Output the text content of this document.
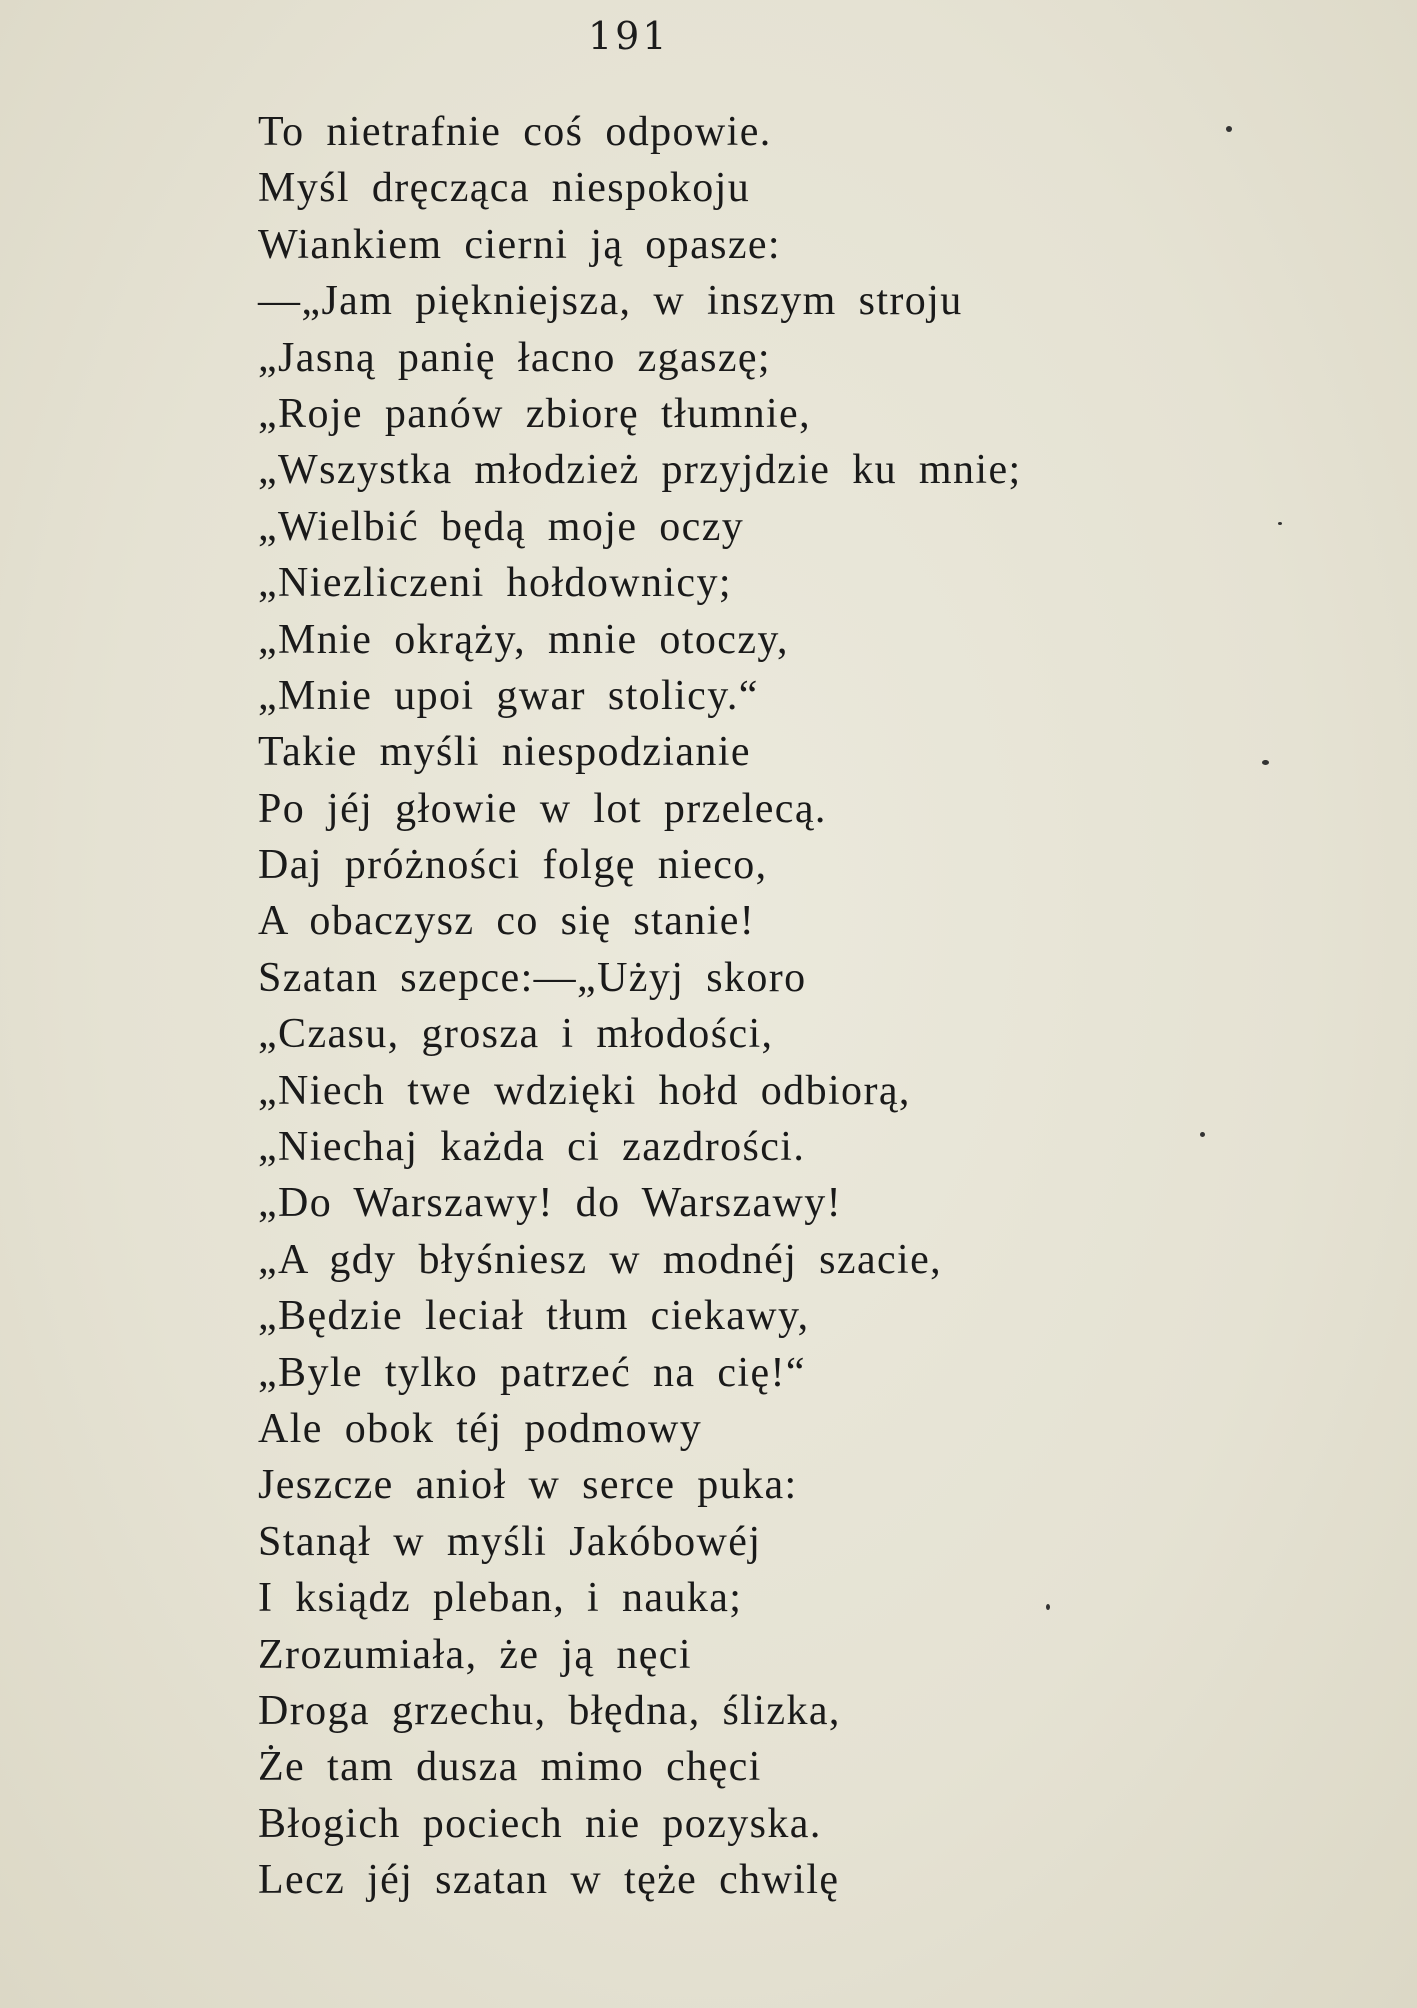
191

To nietrafnie coś odpowie.
Myśl dręcząca niespokoju
Wiankiem cierni ją opasze:
—„Jam piękniejsza, w inszym stroju
„Jasną panię łacno zgaszę;
„Roje panów zbiorę tłumnie,
„Wszystka młodzież przyjdzie ku mnie;
„Wielbić będą moje oczy
„Niezliczeni hołdownicy;
„Mnie okrąży, mnie otoczy,
„Mnie upoi gwar stolicy.“
Takie myśli niespodzianie
Po jéj głowie w lot przelecą.
Daj próżności folgę nieco,
A obaczysz co się stanie!
Szatan szepce:—„Użyj skoro
„Czasu, grosza i młodości,
„Niech twe wdzięki hołd odbiorą,
„Niechaj każda ci zazdrości.
„Do Warszawy! do Warszawy!
„A gdy błyśniesz w modnéj szacie,
„Będzie leciał tłum ciekawy,
„Byle tylko patrzeć na cię!“
Ale obok téj podmowy
Jeszcze anioł w serce puka:
Stanął w myśli Jakóbowéj
I ksiądz pleban, i nauka;
Zrozumiała, że ją nęci
Droga grzechu, błędna, ślizka,
Że tam dusza mimo chęci
Błogich pociech nie pozyska.
Lecz jéj szatan w tęże chwilę
